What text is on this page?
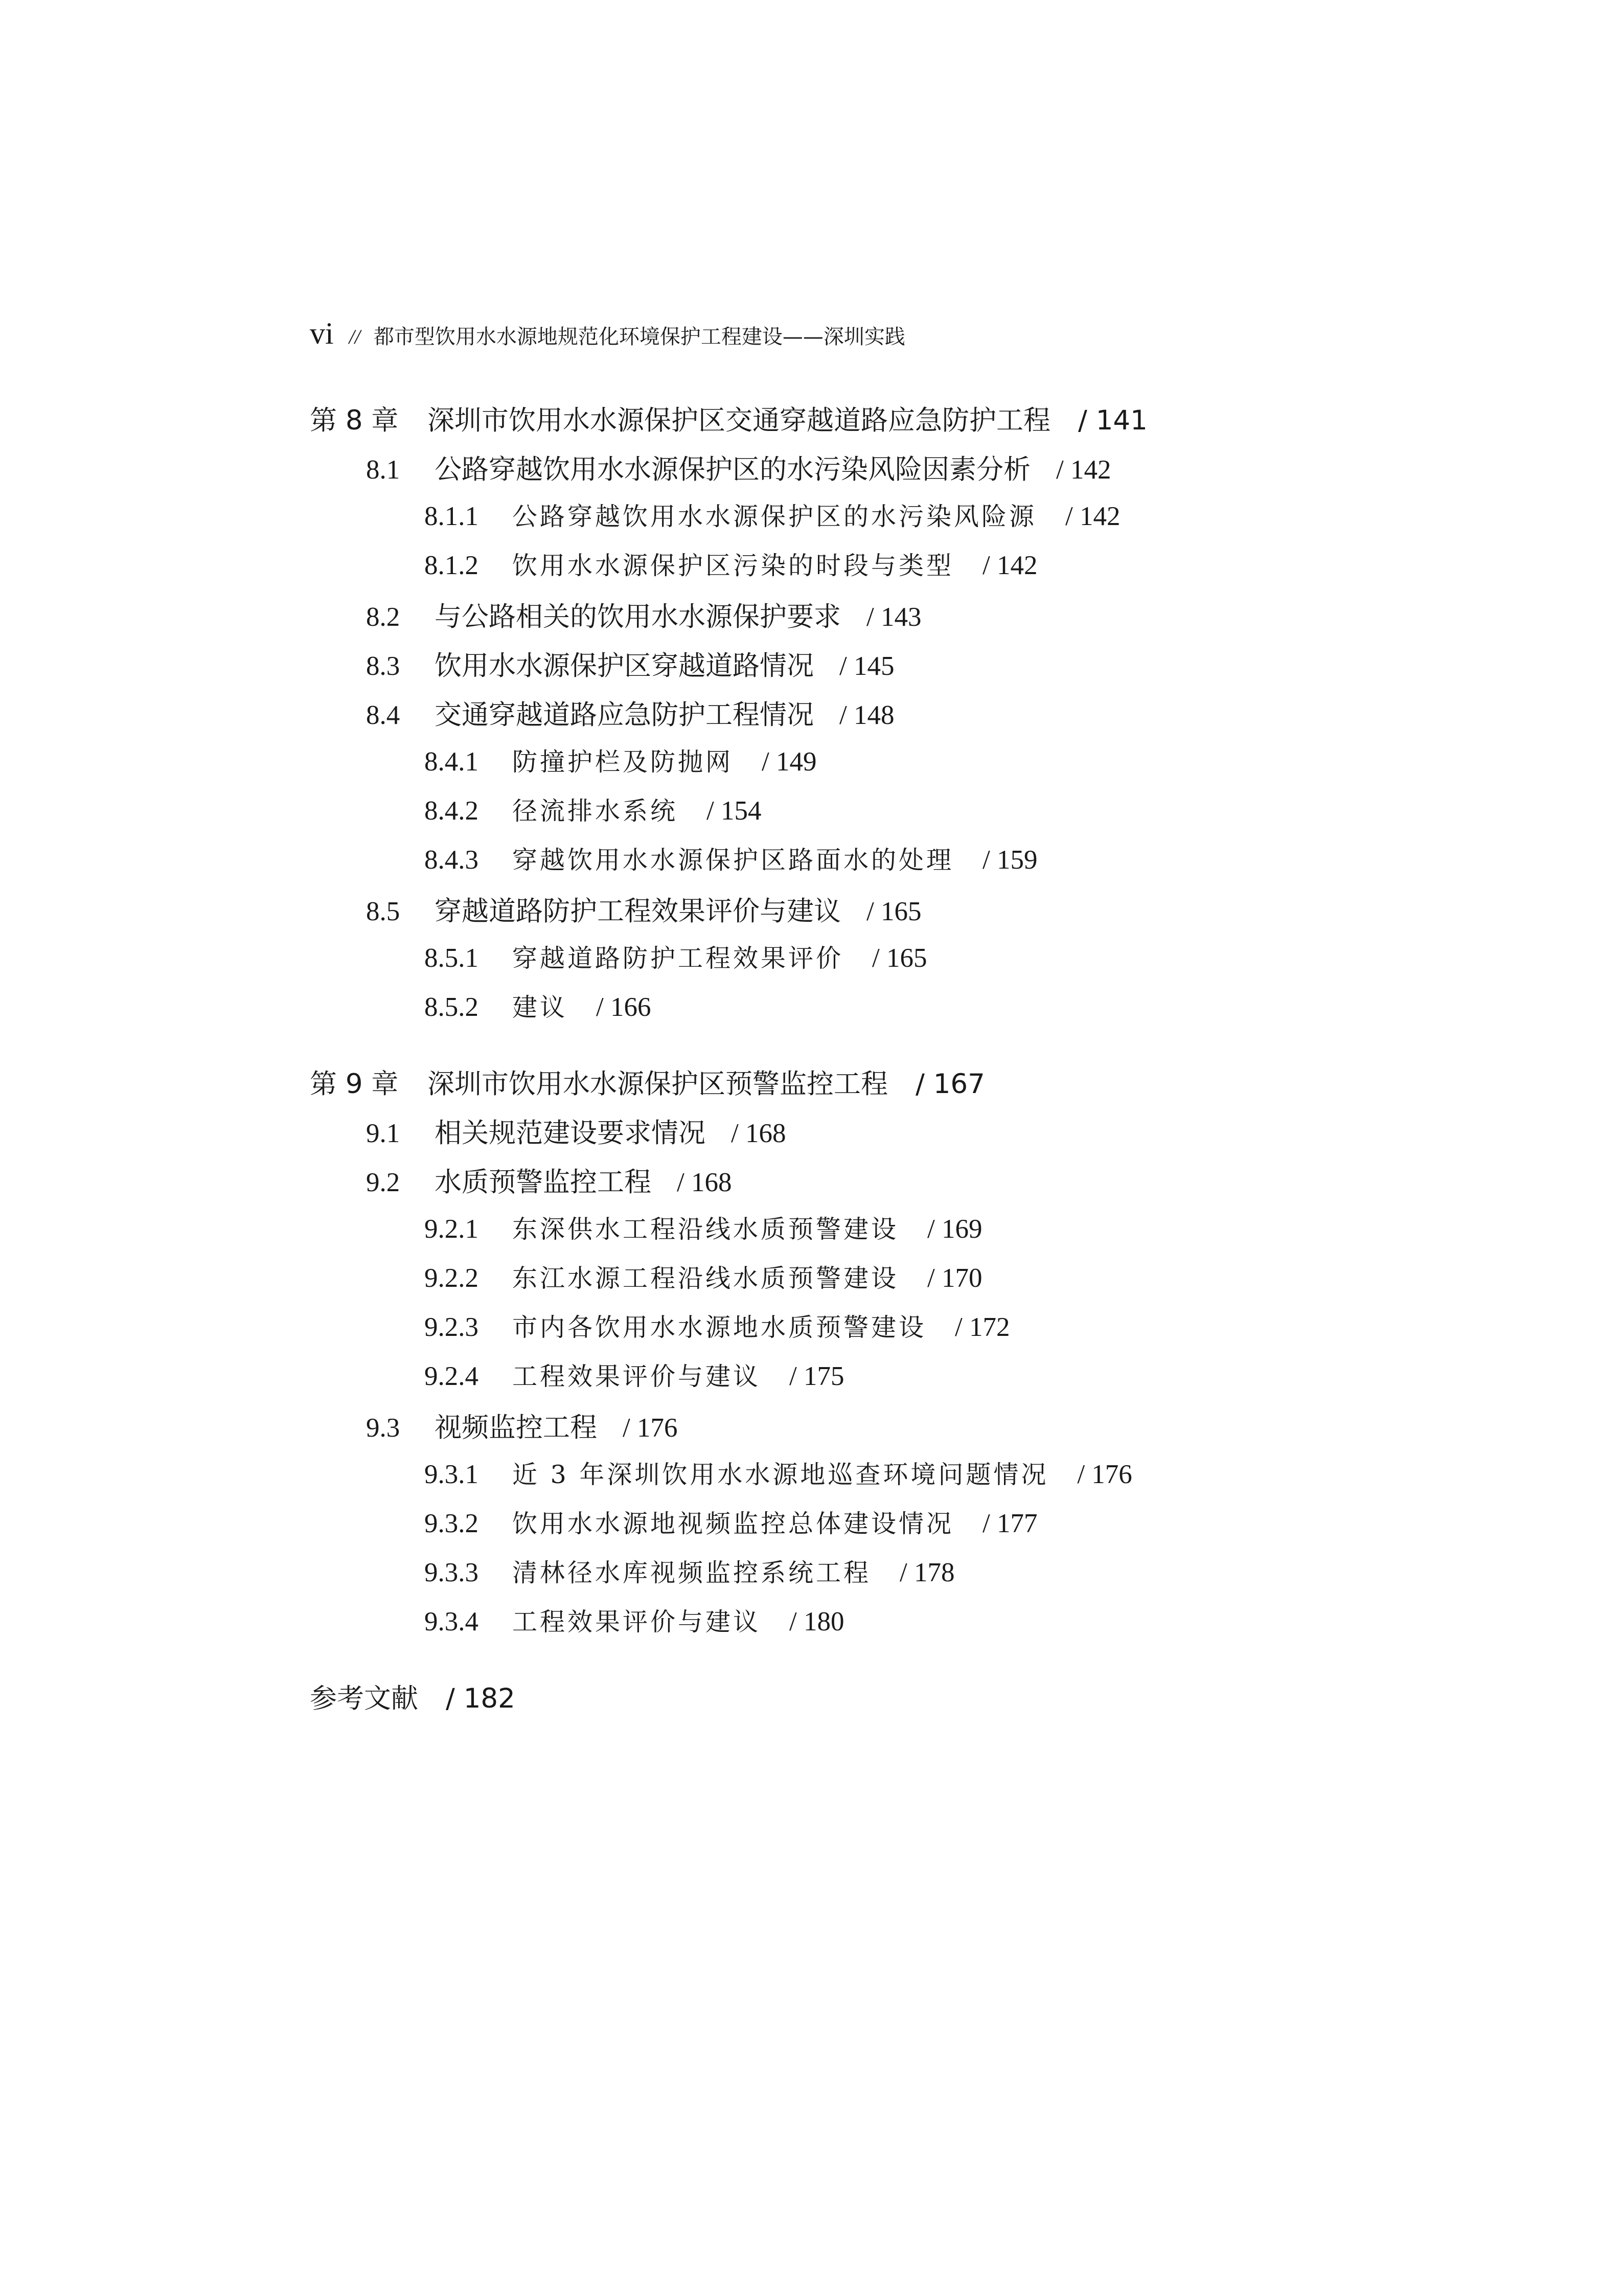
vi // 都市型饮用水水源地规范化环境保护工程建设——深圳实践
第 8 章	深圳市饮用水水源保护区交通穿越道路应急防护工程 / 141
8.1	公路穿越饮用水水源保护区的水污染风险因素分析 / 142
8.1.1	公路穿越饮用水水源保护区的水污染风险源 / 142
8.1.2	饮用水水源保护区污染的时段与类型 / 142
8.2	与公路相关的饮用水水源保护要求 / 143
8.3	饮用水水源保护区穿越道路情况 / 145
8.4	交通穿越道路应急防护工程情况 / 148
8.4.1	防撞护栏及防抛网 / 149
8.4.2	径流排水系统 / 154
8.4.3	穿越饮用水水源保护区路面水的处理 / 159
8.5	穿越道路防护工程效果评价与建议 / 165
8.5.1	穿越道路防护工程效果评价 / 165
8.5.2	建议 / 166
第 9 章	深圳市饮用水水源保护区预警监控工程 / 167
9.1	相关规范建设要求情况 / 168
9.2	水质预警监控工程 / 168
9.2.1	东深供水工程沿线水质预警建设 / 169
9.2.2	东江水源工程沿线水质预警建设 / 170
9.2.3	市内各饮用水水源地水质预警建设 / 172
9.2.4	工程效果评价与建议 / 175
9.3	视频监控工程 / 176
9.3.1	近 3 年深圳饮用水水源地巡查环境问题情况 / 176
9.3.2	饮用水水源地视频监控总体建设情况 / 177
9.3.3	清林径水库视频监控系统工程 / 178
9.3.4	工程效果评价与建议 / 180
参考文献 / 182
